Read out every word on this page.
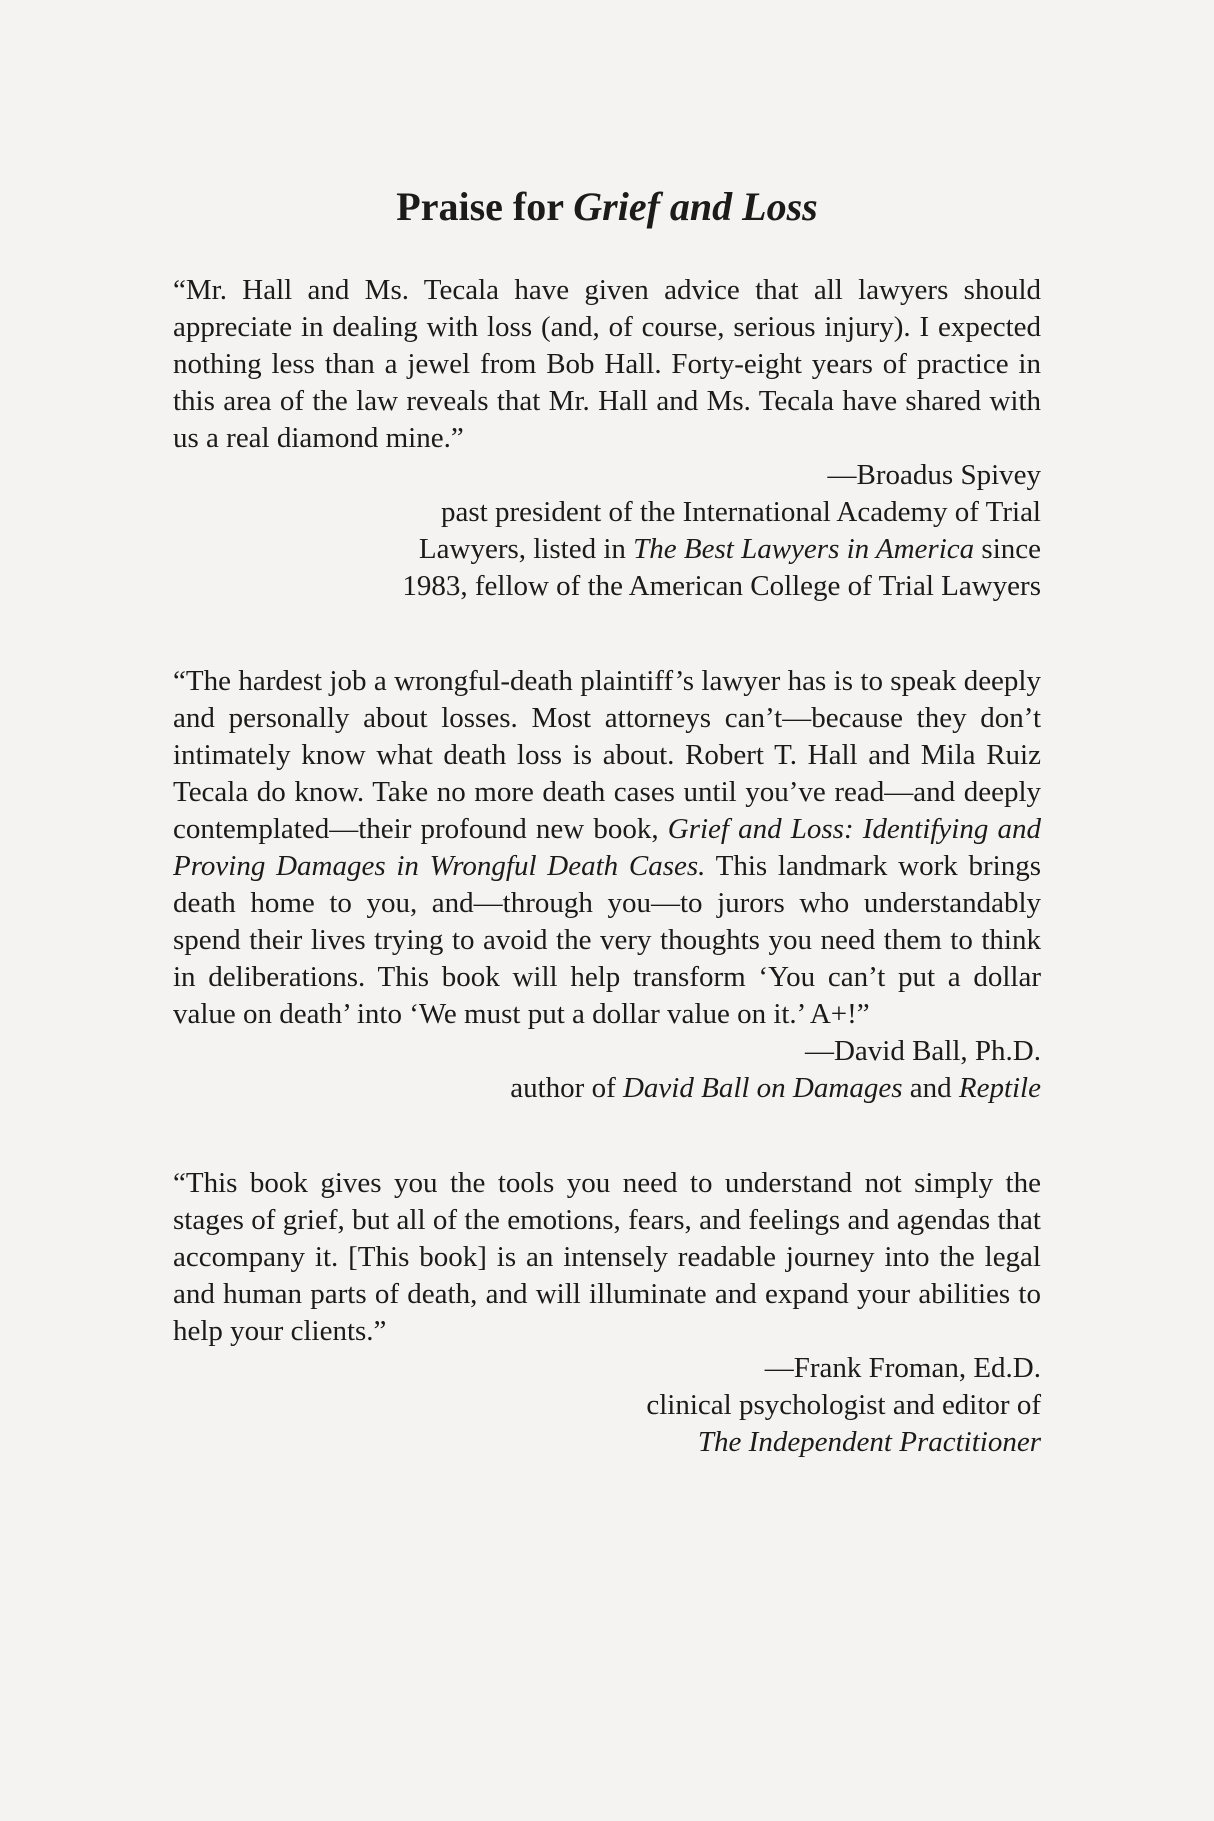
Praise for Grief and Loss

“Mr. Hall and Ms. Tecala have given advice that all lawyers should appreciate in dealing with loss (and, of course, serious injury). I expected nothing less than a jewel from Bob Hall. Forty-eight years of practice in this area of the law reveals that Mr. Hall and Ms. Tecala have shared with us a real diamond mine.”

—Broadus Spivey
past president of the International Academy of Trial
Lawyers, listed in The Best Lawyers in America since
1983, fellow of the American College of Trial Lawyers

“The hardest job a wrongful-death plaintiff’s lawyer has is to speak deeply and personally about losses. Most attorneys can’t—because they don’t intimately know what death loss is about. Robert T. Hall and Mila Ruiz Tecala do know. Take no more death cases until you’ve read—and deeply contemplated—their profound new book, Grief and Loss: Identifying and Proving Damages in Wrongful Death Cases. This landmark work brings death home to you, and—through you—to jurors who understandably spend their lives trying to avoid the very thoughts you need them to think in deliberations. This book will help transform ‘You can’t put a dollar value on death’ into ‘We must put a dollar value on it.’ A+!”

—David Ball, Ph.D.
author of David Ball on Damages and Reptile

“This book gives you the tools you need to understand not simply the stages of grief, but all of the emotions, fears, and feelings and agendas that accompany it. [This book] is an intensely readable journey into the legal and human parts of death, and will illuminate and expand your abilities to help your clients.”

—Frank Froman, Ed.D.
clinical psychologist and editor of
The Independent Practitioner
